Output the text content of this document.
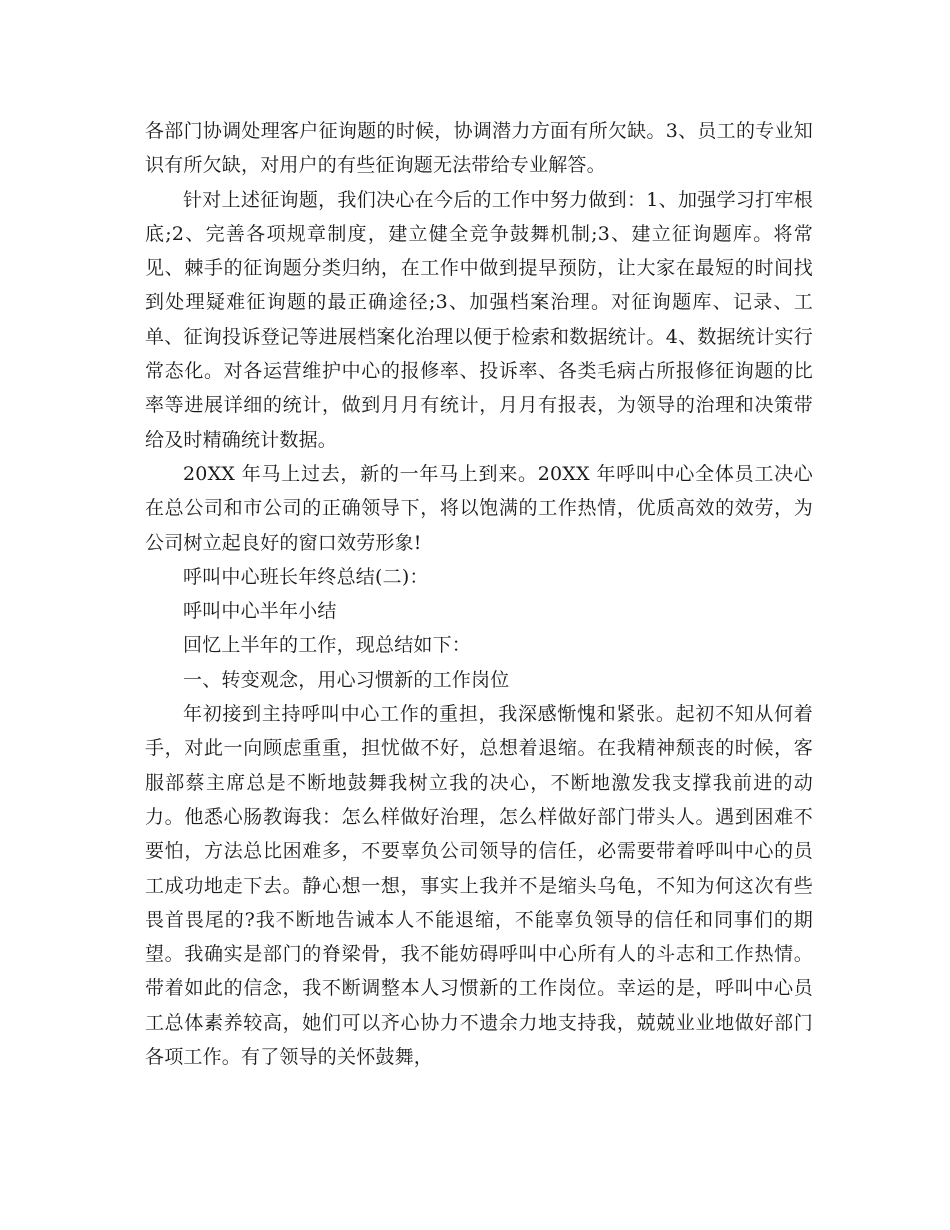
各部门协调处理客户征询题的时候，协调潜力方面有所欠缺。3、员工的专业知识有所欠缺，对用户的有些征询题无法带给专业解答。

针对上述征询题，我们决心在今后的工作中努力做到：1、加强学习打牢根底;2、完善各项规章制度，建立健全竞争鼓舞机制;3、建立征询题库。将常见、棘手的征询题分类归纳，在工作中做到提早预防，让大家在最短的时间找到处理疑难征询题的最正确途径;3、加强档案治理。对征询题库、记录、工单、征询投诉登记等进展档案化治理以便于检索和数据统计。4、数据统计实行常态化。对各运营维护中心的报修率、投诉率、各类毛病占所报修征询题的比率等进展详细的统计，做到月月有统计，月月有报表，为领导的治理和决策带给及时精确统计数据。

20XX 年马上过去，新的一年马上到来。20XX 年呼叫中心全体员工决心在总公司和市公司的正确领导下，将以饱满的工作热情，优质高效的效劳，为公司树立起良好的窗口效劳形象!

呼叫中心班长年终总结(二)：

呼叫中心半年小结

回忆上半年的工作，现总结如下：

一、转变观念，用心习惯新的工作岗位

年初接到主持呼叫中心工作的重担，我深感惭愧和紧张。起初不知从何着手，对此一向顾虑重重，担忧做不好，总想着退缩。在我精神颓丧的时候，客服部蔡主席总是不断地鼓舞我树立我的决心，不断地激发我支撑我前进的动力。他悉心肠教诲我：怎么样做好治理，怎么样做好部门带头人。遇到困难不要怕，方法总比困难多，不要辜负公司领导的信任，必需要带着呼叫中心的员工成功地走下去。静心想一想，事实上我并不是缩头乌龟，不知为何这次有些畏首畏尾的?我不断地告诫本人不能退缩，不能辜负领导的信任和同事们的期望。我确实是部门的脊梁骨，我不能妨碍呼叫中心所有人的斗志和工作热情。带着如此的信念，我不断调整本人习惯新的工作岗位。幸运的是，呼叫中心员工总体素养较高，她们可以齐心协力不遗余力地支持我，兢兢业业地做好部门各项工作。有了领导的关怀鼓舞，
